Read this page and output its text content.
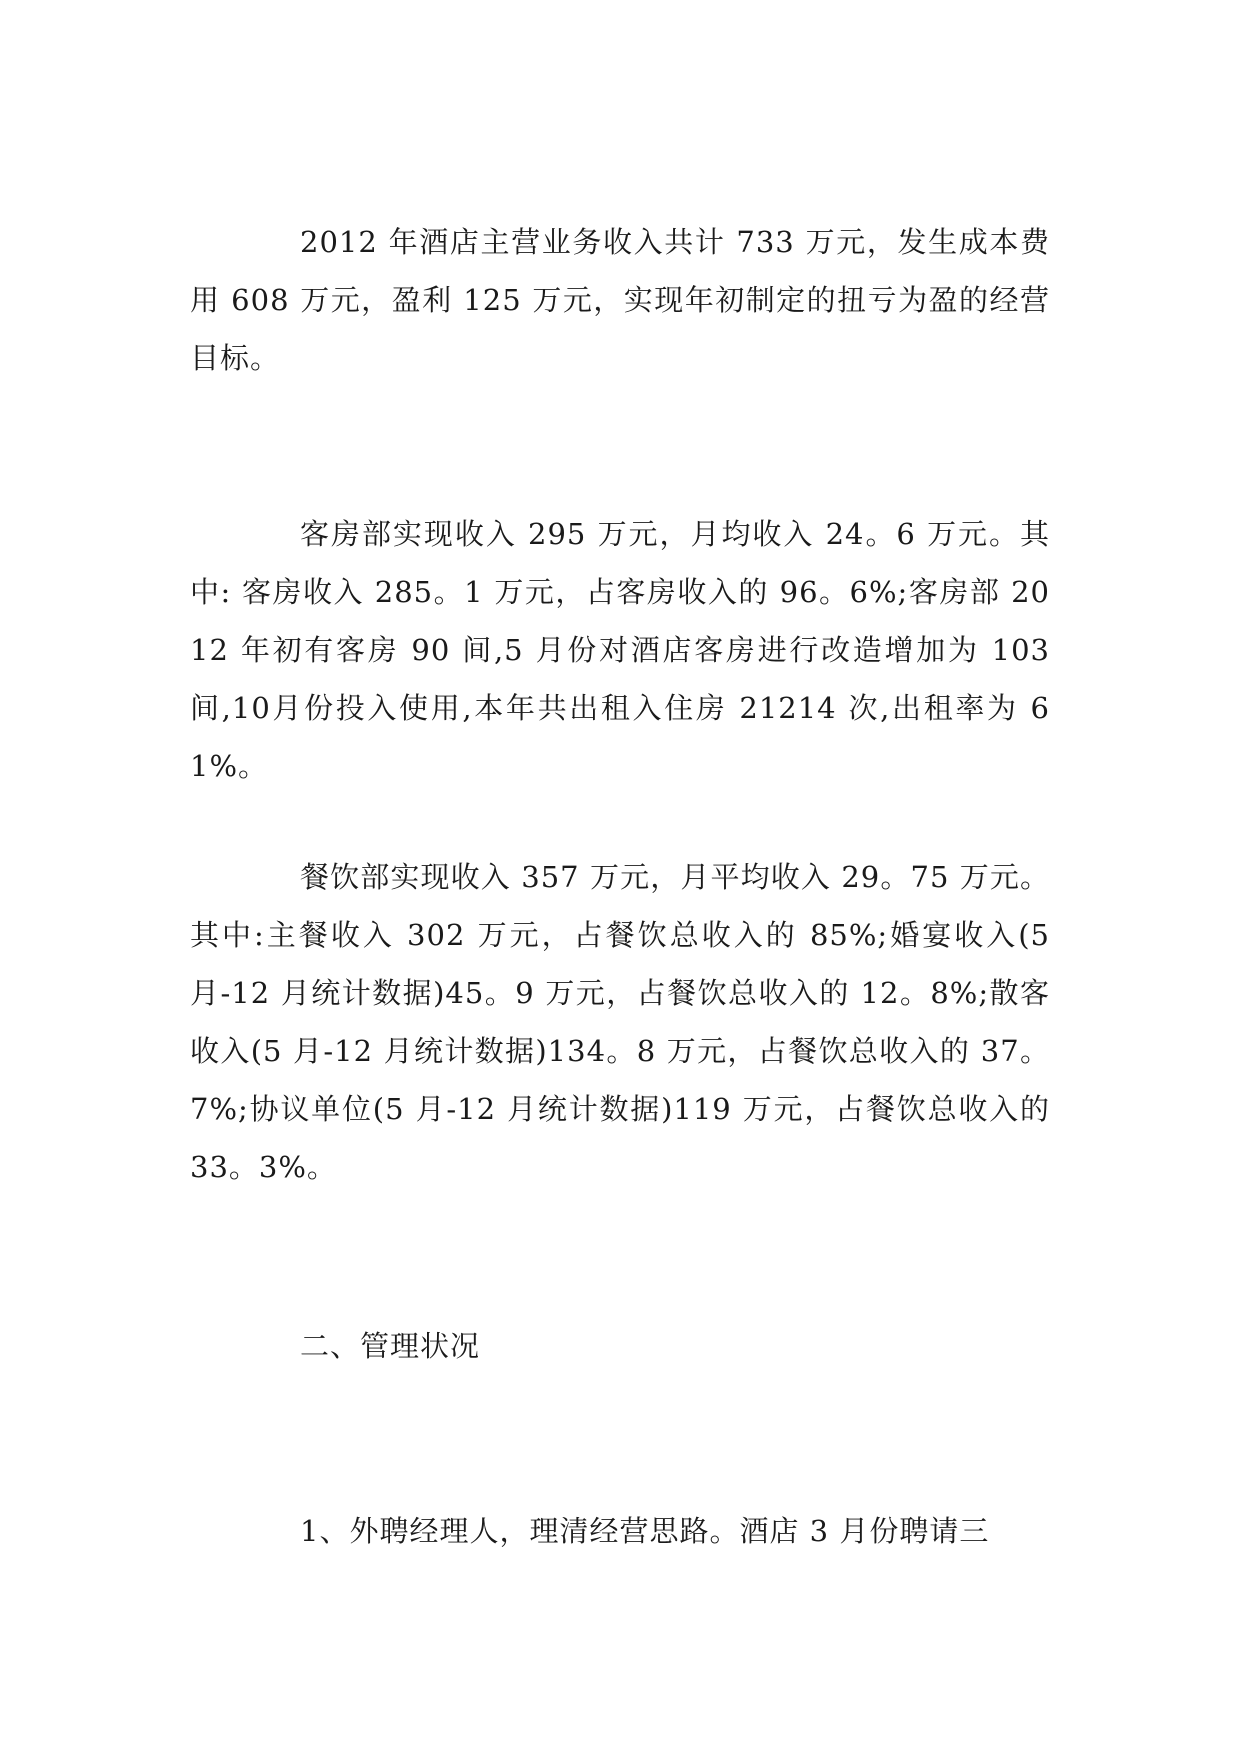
2012 年酒店主营业务收入共计 733 万元，发生成本费用 608 万元，盈利 125 万元，实现年初制定的扭亏为盈的经营目标。

客房部实现收入 295 万元，月均收入 24。6 万元。其中: 客房收入 285。1 万元，占客房收入的 96。6%;客房部 2012 年初有客房 90 间,5 月份对酒店客房进行改造增加为 103 间,10月份投入使用,本年共出租入住房 21214 次,出租率为 61%。

餐饮部实现收入 357 万元，月平均收入 29。75 万元。其中:主餐收入 302 万元，占餐饮总收入的 85%;婚宴收入(5 月-12 月统计数据)45。9 万元，占餐饮总收入的 12。8%;散客收入(5 月-12 月统计数据)134。8 万元，占餐饮总收入的 37。7%;协议单位(5 月-12 月统计数据)119 万元，占餐饮总收入的 33。3%。

二、管理状况

1、外聘经理人，理清经营思路。酒店 3 月份聘请三
